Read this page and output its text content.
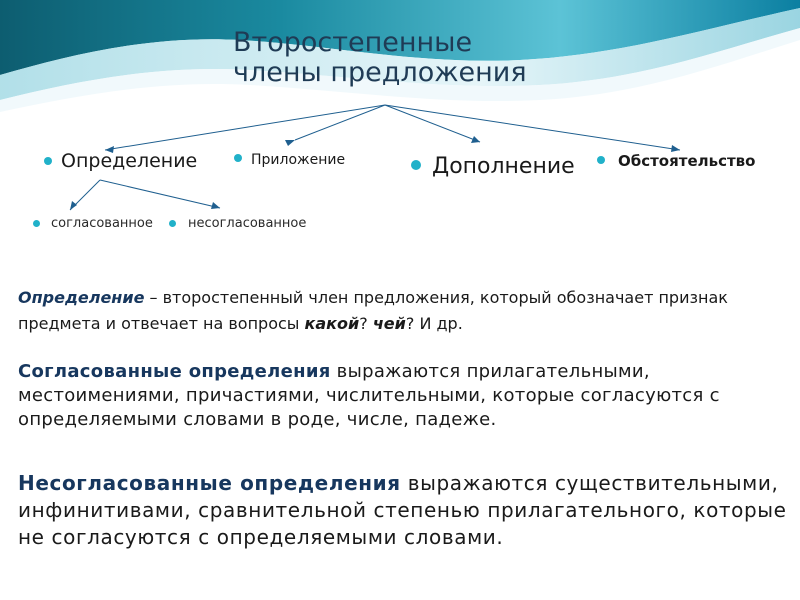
Второстепенные члены предложения
Определение	Приложение	Дополнение	Обстоятельство
согласованное	несогласованное
Определение – второстепенный член предложения, который обозначает признак предмета и отвечает на вопросы какой? чей? И др.
Согласованные определения выражаются прилагательными, местоимениями, причастиями, числительными, которые согласуются с определяемыми словами в роде, числе, падеже.
Несогласованные определения выражаются существительными, инфинитивами, сравнительной степенью прилагательного, которые не согласуются с определяемыми словами.
